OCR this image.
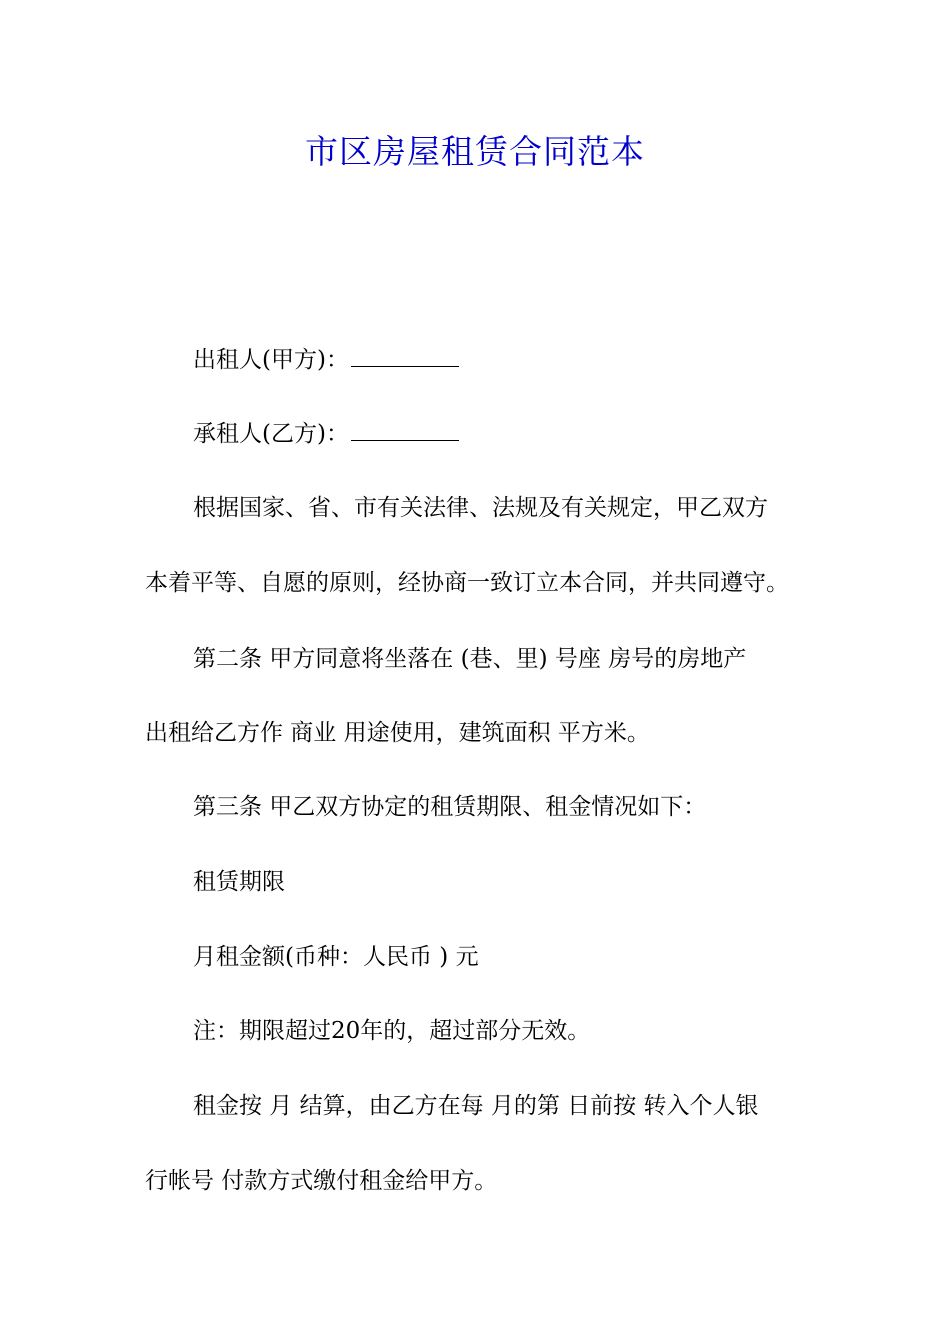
市区房屋租赁合同范本

出租人(甲方)：

承租人(乙方)：

根据国家、省、市有关法律、法规及有关规定，甲乙双方

本着平等、自愿的原则，经协商一致订立本合同，并共同遵守。

第二条 甲方同意将坐落在 (巷、里) 号座 房号的房地产

出租给乙方作 商业 用途使用，建筑面积 平方米。

第三条 甲乙双方协定的租赁期限、租金情况如下：

租赁期限

月租金额(币种：人民币 ) 元

注：期限超过20年的，超过部分无效。

租金按 月 结算，由乙方在每 月的第 日前按 转入个人银

行帐号 付款方式缴付租金给甲方。
